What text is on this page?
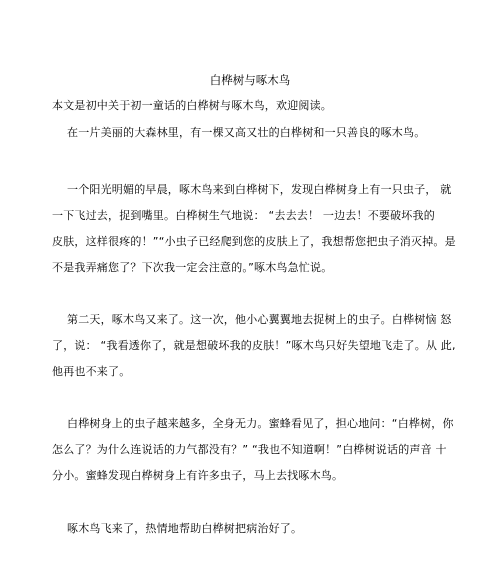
白桦树与啄木鸟
本文是初中关于初一童话的白桦树与啄木鸟，欢迎阅读。
在一片美丽的大森林里，有一棵又高又壮的白桦树和一只善良的啄木鸟。
一个阳光明媚的早晨，啄木鸟来到白桦树下，发现白桦树身上有一只虫子， 就
一下飞过去，捉到嘴里。白桦树生气地说： “去去去！ 一边去！不要破坏我的
皮肤，这样很疼的！”“小虫子已经爬到您的皮肤上了，我想帮您把虫子消灭掉。是
不是我弄痛您了？下次我一定会注意的。”啄木鸟急忙说。
第二天，啄木鸟又来了。这一次，他小心翼翼地去捉树上的虫子。白桦树恼 怒
了，说： “我看透你了，就是想破坏我的皮肤！”啄木鸟只好失望地飞走了。从 此,
他再也不来了。
白桦树身上的虫子越来越多，全身无力。蜜蜂看见了，担心地问：“白桦树，你
怎么了？为什么连说话的力气都没有？” “我也不知道啊！”白桦树说话的声音 十
分小。蜜蜂发现白桦树身上有许多虫子，马上去找啄木鸟。
啄木鸟飞来了，热情地帮助白桦树把病治好了。
